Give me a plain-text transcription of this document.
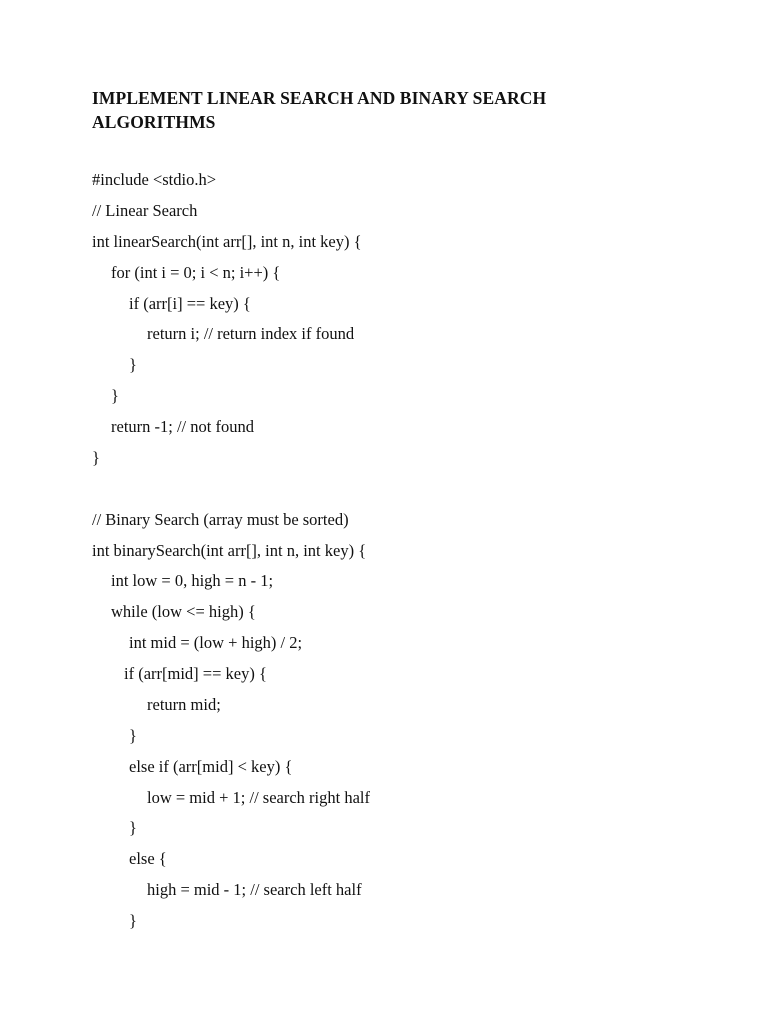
IMPLEMENT LINEAR SEARCH AND BINARY SEARCH
ALGORITHMS
#include <stdio.h>
// Linear Search
int linearSearch(int arr[], int n, int key) {
for (int i = 0; i < n; i++) {
if (arr[i] == key) {
return i; // return index if found
}
}
return -1; // not found
}
// Binary Search (array must be sorted)
int binarySearch(int arr[], int n, int key) {
int low = 0, high = n - 1;
while (low <= high) {
int mid = (low + high) / 2;
if (arr[mid] == key) {
return mid;
}
else if (arr[mid] < key) {
low = mid + 1; // search right half
}
else {
high = mid - 1; // search left half
}
